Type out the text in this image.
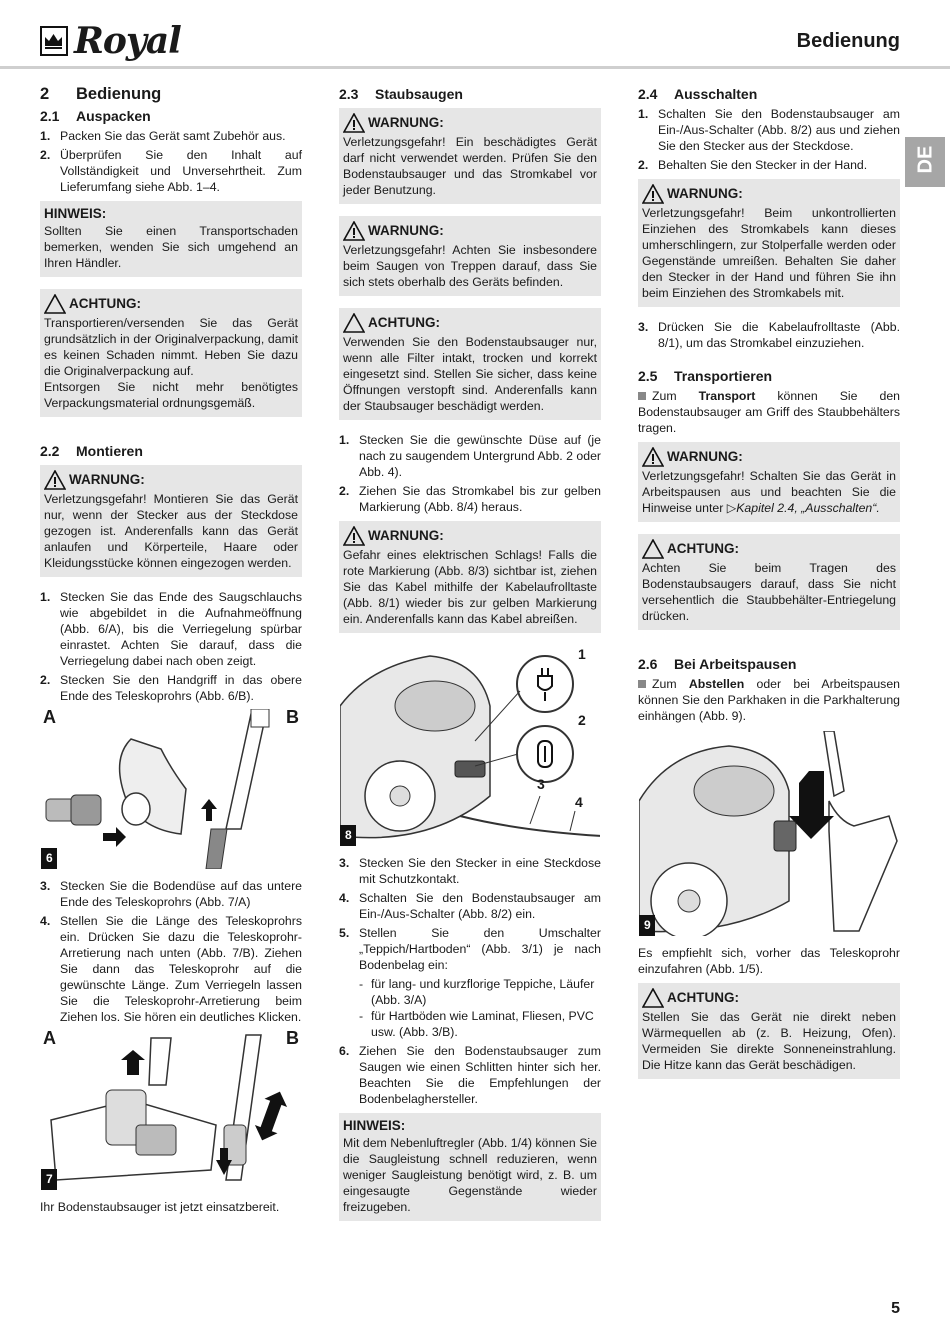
Royal	Bedienung
DE
2 Bedienung
2.1 Auspacken
1. Packen Sie das Gerät samt Zubehör aus.
2. Überprüfen Sie den Inhalt auf Vollständigkeit und Unversehrtheit. Zum Lieferumfang siehe Abb. 1–4.
HINWEIS:
Sollten Sie einen Transportschaden bemerken, wenden Sie sich umgehend an Ihren Händler.
ACHTUNG:
Transportieren/versenden Sie das Gerät grundsätzlich in der Originalverpackung, damit es keinen Schaden nimmt. Heben Sie dazu die Originalverpackung auf.
Entsorgen Sie nicht mehr benötigtes Verpackungsmaterial ordnungsgemäß.
2.2 Montieren
WARNUNG:
Verletzungsgefahr! Montieren Sie das Gerät nur, wenn der Stecker aus der Steckdose gezogen ist. Anderenfalls kann das Gerät anlaufen und Körperteile, Haare oder Kleidungsstücke können eingezogen werden.
1. Stecken Sie das Ende des Saugschlauchs wie abgebildet in die Aufnahmeöffnung (Abb. 6/A), bis die Verriegelung spürbar einrastet. Achten Sie darauf, dass die Verriegelung dabei nach oben zeigt.
2. Stecken Sie den Handgriff in das obere Ende des Teleskoprohrs (Abb. 6/B).
A	B
6
3. Stecken Sie die Bodendüse auf das untere Ende des Teleskoprohrs (Abb. 7/A)
4. Stellen Sie die Länge des Teleskoprohrs ein. Drücken Sie dazu die Teleskoprohr-Arretierung nach unten (Abb. 7/B). Ziehen Sie dann das Teleskoprohr auf die gewünschte Länge. Zum Verriegeln lassen Sie die Teleskoprohr-Arretierung beim Ziehen los. Sie hören ein deutliches Klicken.
A	B
7
Ihr Bodenstaubsauger ist jetzt einsatzbereit.
2.3 Staubsaugen
WARNUNG:
Verletzungsgefahr! Ein beschädigtes Gerät darf nicht verwendet werden. Prüfen Sie den Bodenstaubsauger und das Stromkabel vor jeder Benutzung.
WARNUNG:
Verletzungsgefahr! Achten Sie insbesondere beim Saugen von Treppen darauf, dass Sie sich stets oberhalb des Geräts befinden.
ACHTUNG:
Verwenden Sie den Bodenstaubsauger nur, wenn alle Filter intakt, trocken und korrekt eingesetzt sind. Stellen Sie sicher, dass keine Öffnungen verstopft sind. Anderenfalls kann der Staubsauger beschädigt werden.
1. Stecken Sie die gewünschte Düse auf (je nach zu saugendem Untergrund Abb. 2 oder Abb. 4).
2. Ziehen Sie das Stromkabel bis zur gelben Markierung (Abb. 8/4) heraus.
WARNUNG:
Gefahr eines elektrischen Schlags! Falls die rote Markierung (Abb. 8/3) sichtbar ist, ziehen Sie das Kabel mithilfe der Kabelaufrolltaste (Abb. 8/1) wieder bis zur gelben Markierung ein. Anderenfalls kann das Kabel abreißen.
1
2
3
4
8
3. Stecken Sie den Stecker in eine Steckdose mit Schutzkontakt.
4. Schalten Sie den Bodenstaubsauger am Ein-/Aus-Schalter (Abb. 8/2) ein.
5. Stellen Sie den Umschalter „Teppich/Hartboden“ (Abb. 3/1) je nach Bodenbelag ein:
- für lang- und kurzflorige Teppiche, Läufer (Abb. 3/A)
- für Hartböden wie Laminat, Fliesen, PVC usw. (Abb. 3/B).
6. Ziehen Sie den Bodenstaubsauger zum Saugen wie einen Schlitten hinter sich her. Beachten Sie die Empfehlungen der Bodenbelaghersteller.
HINWEIS:
Mit dem Nebenluftregler (Abb. 1/4) können Sie die Saugleistung schnell reduzieren, wenn weniger Saugleistung benötigt wird, z. B. um eingesaugte Gegenstände wieder freizugeben.
2.4 Ausschalten
1. Schalten Sie den Bodenstaubsauger am Ein-/Aus-Schalter (Abb. 8/2) aus und ziehen Sie den Stecker aus der Steckdose.
2. Behalten Sie den Stecker in der Hand.
WARNUNG:
Verletzungsgefahr! Beim unkontrollierten Einziehen des Stromkabels kann dieses umherschlingern, zur Stolperfalle werden oder Gegenstände umreißen. Behalten Sie daher den Stecker in der Hand und führen Sie ihn beim Einziehen des Stromkabels mit.
3. Drücken Sie die Kabelaufrolltaste (Abb. 8/1), um das Stromkabel einzuziehen.
2.5 Transportieren
Zum Transport können Sie den Bodenstaubsauger am Griff des Staubbehälters tragen.
WARNUNG:
Verletzungsgefahr! Schalten Sie das Gerät in Arbeitspausen aus und beachten Sie die Hinweise unter ▷Kapitel 2.4, „Ausschalten“.
ACHTUNG:
Achten Sie beim Tragen des Bodenstaubsaugers darauf, dass Sie nicht versehentlich die Staubbehälter-Entriegelung drücken.
2.6 Bei Arbeitspausen
Zum Abstellen oder bei Arbeitspausen können Sie den Parkhaken in die Parkhalterung einhängen (Abb. 9).
9
Es empfiehlt sich, vorher das Teleskoprohr einzufahren (Abb. 1/5).
ACHTUNG:
Stellen Sie das Gerät nie direkt neben Wärmequellen ab (z. B. Heizung, Ofen). Vermeiden Sie direkte Sonneneinstrahlung. Die Hitze kann das Gerät beschädigen.
5
